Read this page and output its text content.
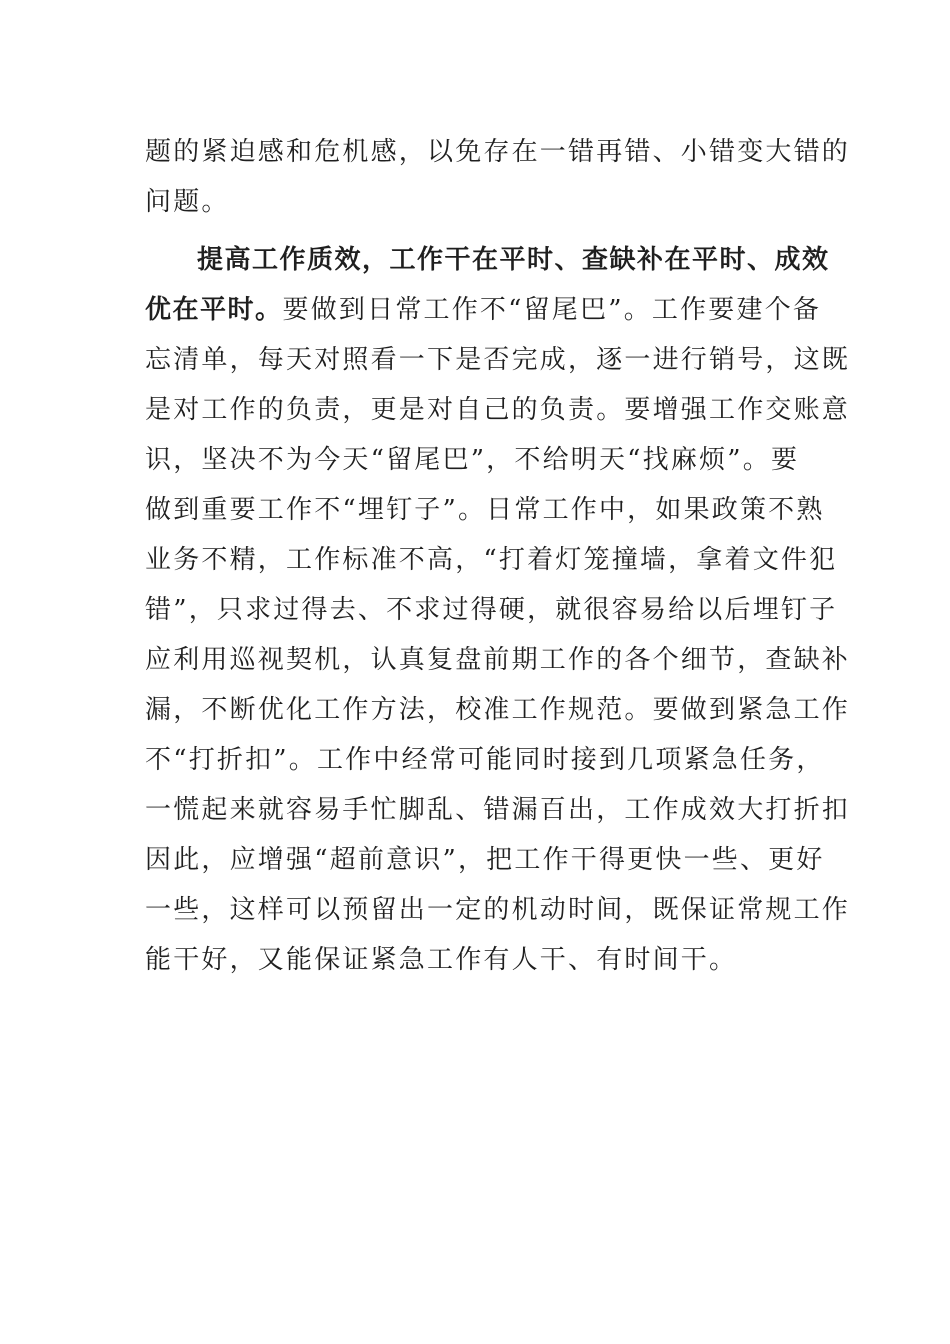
题的紧迫感和危机感，以免存在一错再错、小错变大错的
问题。
提高工作质效，工作干在平时、查缺补在平时、成效
优在平时。要做到日常工作不“留尾巴”。工作要建个备
忘清单，每天对照看一下是否完成，逐一进行销号，这既
是对工作的负责，更是对自己的负责。要增强工作交账意
识，坚决不为今天“留尾巴”，不给明天“找麻烦”。要
做到重要工作不“埋钉子”。日常工作中，如果政策不熟
业务不精，工作标准不高，“打着灯笼撞墙，拿着文件犯
错”，只求过得去、不求过得硬，就很容易给以后埋钉子
应利用巡视契机，认真复盘前期工作的各个细节，查缺补
漏，不断优化工作方法，校准工作规范。要做到紧急工作
不“打折扣”。工作中经常可能同时接到几项紧急任务，
一慌起来就容易手忙脚乱、错漏百出，工作成效大打折扣
因此，应增强“超前意识”，把工作干得更快一些、更好
一些，这样可以预留出一定的机动时间，既保证常规工作
能干好，又能保证紧急工作有人干、有时间干。
